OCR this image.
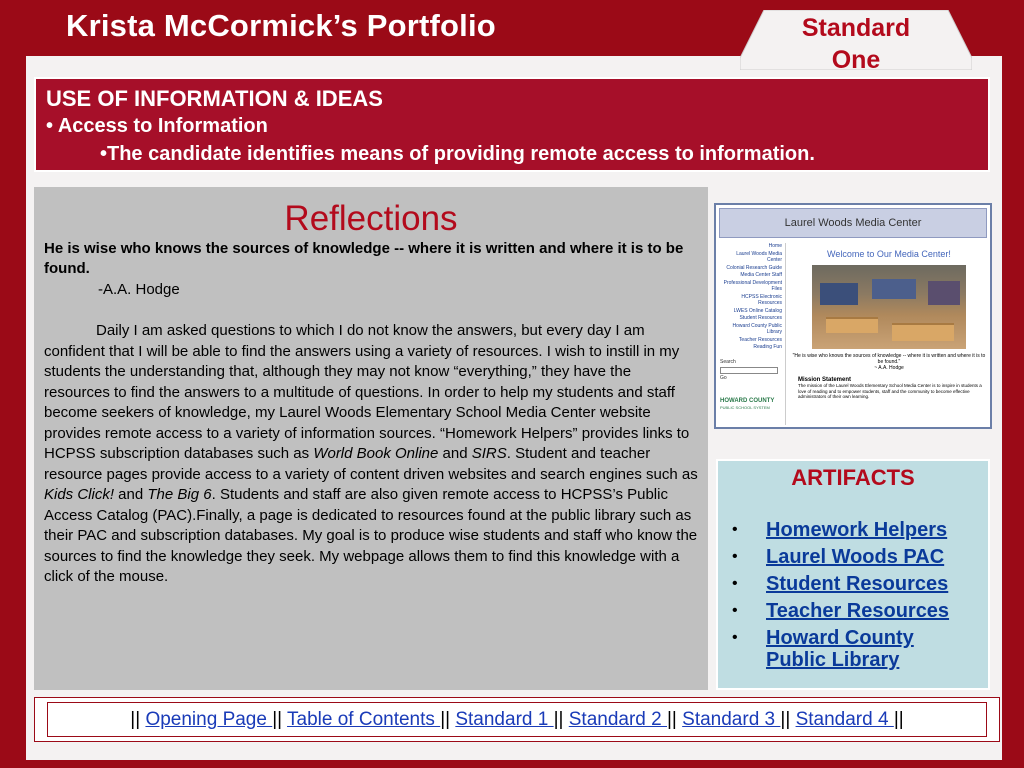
Krista McCormick’s Portfolio	Standard One
USE OF INFORMATION & IDEAS
• Access to Information
•The candidate identifies means of providing remote access to information.
Reflections
He is wise who knows the sources of knowledge -- where it is written and where it is to be found.
-A.A. Hodge

Daily I am asked questions to which I do not know the answers, but every day I am confident that I will be able to find the answers using a variety of resources. I wish to instill in my students the understanding that, although they may not know “everything,” they have the resources to find the answers to a multitude of questions. In order to help my students and staff become seekers of knowledge, my Laurel Woods Elementary School Media Center website provides remote access to a variety of information sources. “Homework Helpers” provides links to HCPSS subscription databases such as World Book Online and SIRS. Student and teacher resource pages provide access to a variety of content driven websites and search engines such as Kids Click! and The Big 6. Students and staff are also given remote access to HCPSS’s Public Access Catalog (PAC).Finally, a page is dedicated to resources found at the public library such as their PAC and subscription databases. My goal is to produce wise students and staff who know the sources to find the knowledge they seek. My webpage allows them to find this knowledge with a click of the mouse.

Laurel Woods Media Center
Home
Laurel Woods Media Center
Colonial Research Guide
Media Center Staff
Professional Development Files
HCPSS Electronic Resources
LWES Online Catalog
Student Resources
Howard County Public Library
Teacher Resources
Reading Fun
Search
Go
HOWARD COUNTY
PUBLIC SCHOOL SYSTEM
Welcome to Our Media Center!
"He is wise who knows the sources of knowledge -- where it is written and where it is to be found."
~ A.A. Hodge
Mission Statement
The mission of the Laurel Woods Elementary School Media Center is to inspire in students a love of reading and to empower students, staff and the community to become effective administrators of their own learning.
ARTIFACTS
• Homework Helpers
• Laurel Woods PAC
• Student Resources
• Teacher Resources
• Howard County Public Library
|| Opening Page || Table of Contents || Standard 1 || Standard 2 || Standard 3 || Standard 4 ||
